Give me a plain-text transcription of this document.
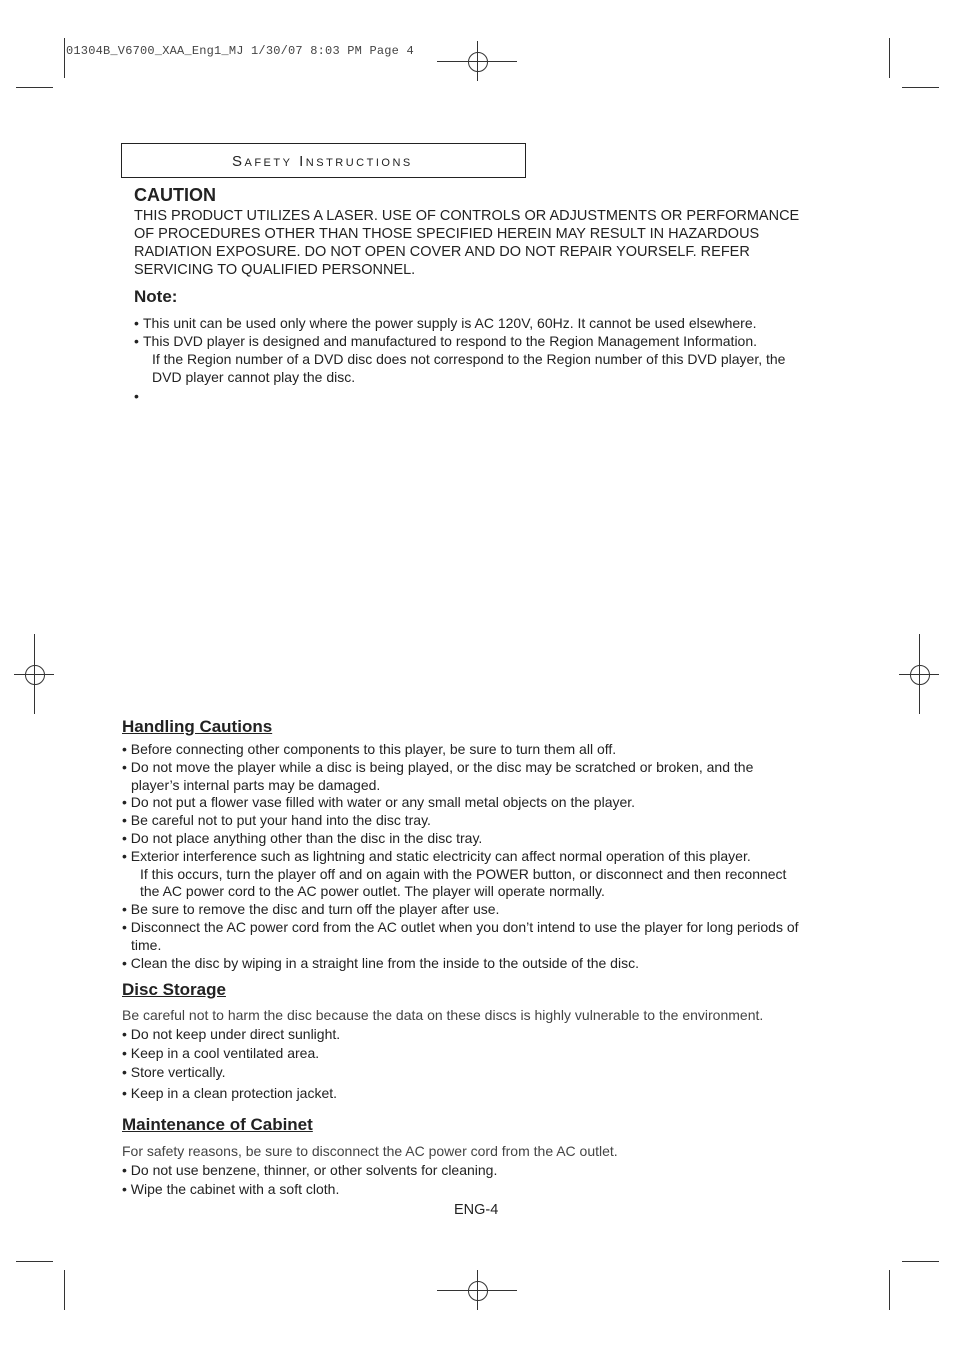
01304B_V6700_XAA_Eng1_MJ 1/30/07 8:03 PM Page 4
Safety Instructions
CAUTION

THIS PRODUCT UTILIZES A LASER. USE OF CONTROLS OR ADJUSTMENTS OR PERFORMANCE OF PROCEDURES OTHER THAN THOSE SPECIFIED HEREIN MAY RESULT IN HAZARDOUS RADIATION EXPOSURE. DO NOT OPEN COVER AND DO NOT REPAIR YOURSELF. REFER SERVICING TO QUALIFIED PERSONNEL.

Note:
• This unit can be used only where the power supply is AC 120V, 60Hz. It cannot be used elsewhere.
• This DVD player is designed and manufactured to respond to the Region Management Information.
If the Region number of a DVD disc does not correspond to the Region number of this DVD player, the DVD player cannot play the disc.
•
Handling Cautions
• Before connecting other components to this player, be sure to turn them all off.
• Do not move the player while a disc is being played, or the disc may be scratched or broken, and the player’s internal parts may be damaged.
• Do not put a flower vase filled with water or any small metal objects on the player.
• Be careful not to put your hand into the disc tray.
• Do not place anything other than the disc in the disc tray.
• Exterior interference such as lightning and static electricity can affect normal operation of this player.
If this occurs, turn the player off and on again with the POWER button, or disconnect and then reconnect the AC power cord to the AC power outlet. The player will operate normally.
• Be sure to remove the disc and turn off the player after use.
• Disconnect the AC power cord from the AC outlet when you don’t intend to use the player for long periods of time.
• Clean the disc by wiping in a straight line from the inside to the outside of the disc.
Disc Storage

Be careful not to harm the disc because the data on these discs is highly vulnerable to the environment.

• Do not keep under direct sunlight.
• Keep in a cool ventilated area.
• Store vertically.
• Keep in a clean protection jacket.
Maintenance of Cabinet

For safety reasons, be sure to disconnect the AC power cord from the AC outlet.

• Do not use benzene, thinner, or other solvents for cleaning.
• Wipe the cabinet with a soft cloth.
ENG-4
